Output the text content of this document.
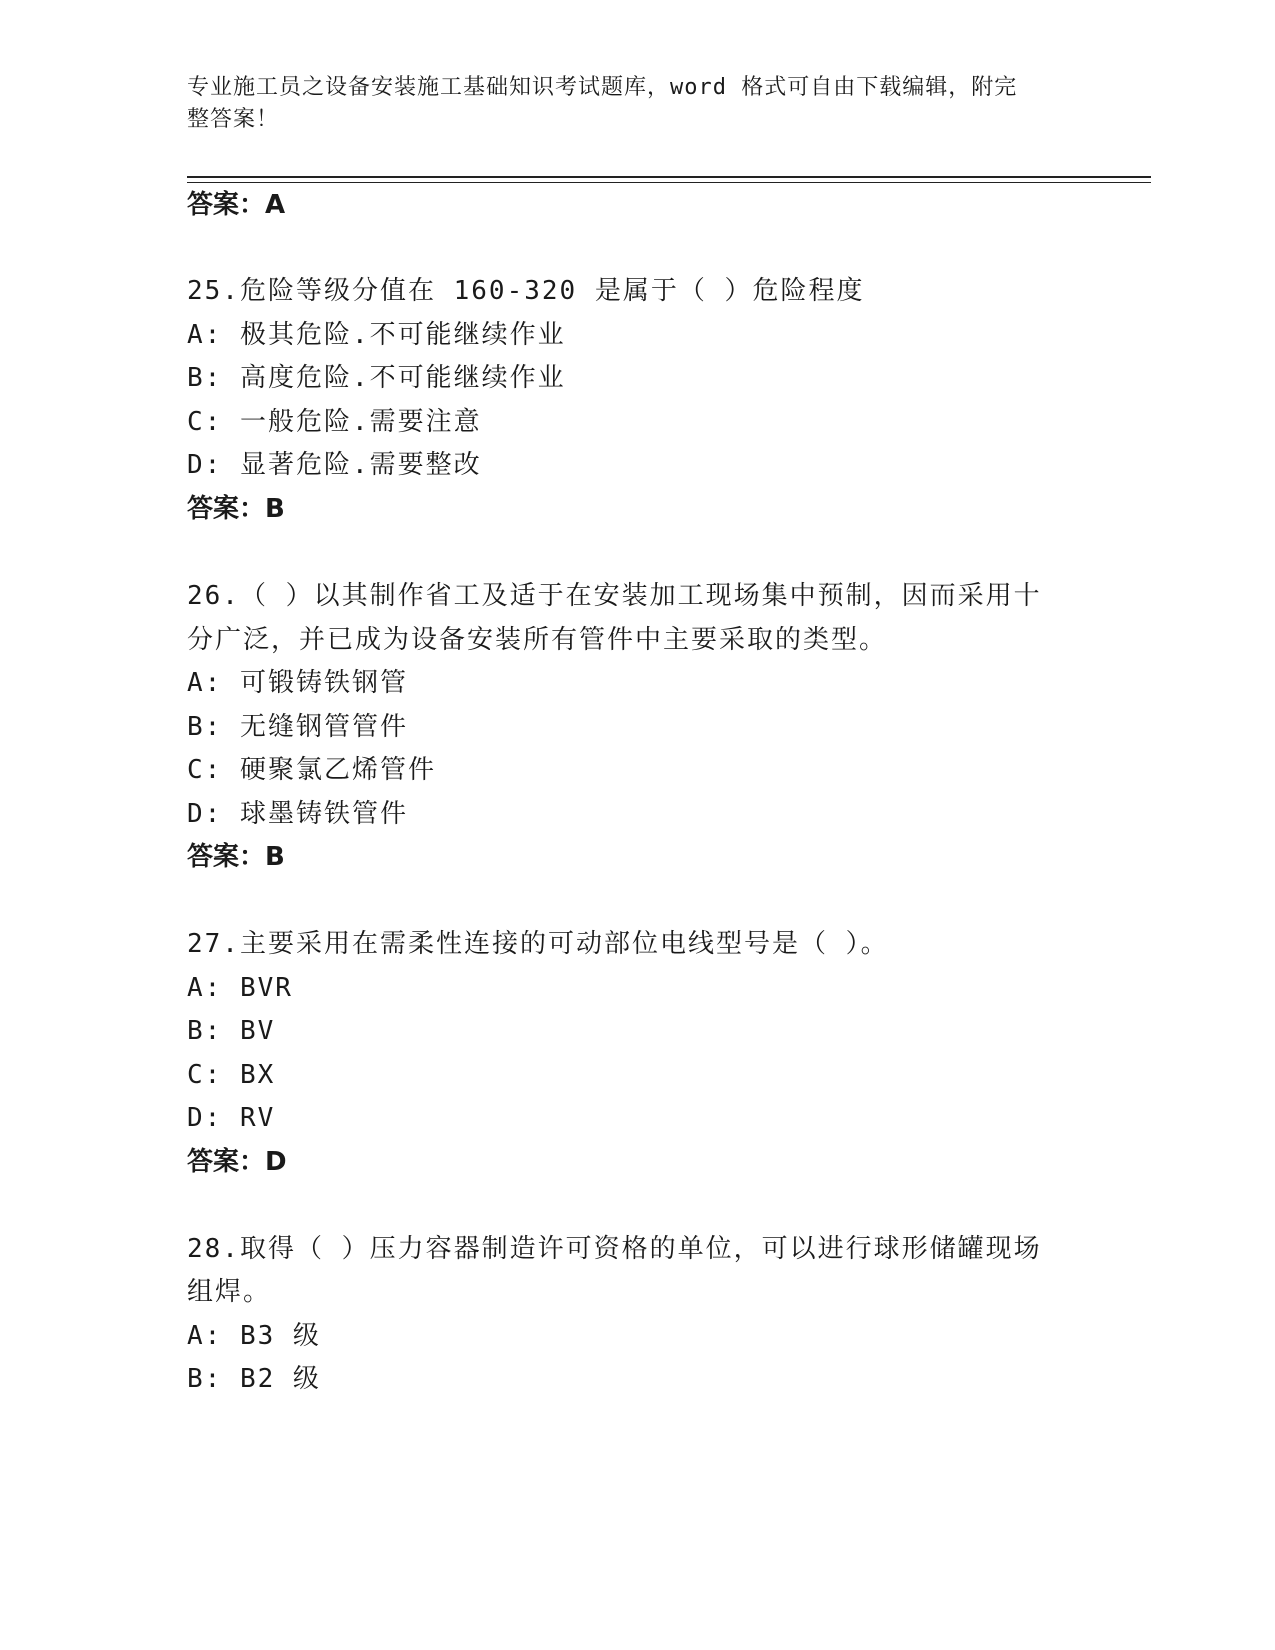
专业施工员之设备安装施工基础知识考试题库，word 格式可自由下载编辑，附完
整答案！
答案：A
25.危险等级分值在 160-320 是属于（ ）危险程度
A: 极其危险.不可能继续作业
B: 高度危险.不可能继续作业
C: 一般危险.需要注意
D: 显著危险.需要整改
答案：B
26.（ ）以其制作省工及适于在安装加工现场集中预制，因而采用十
分广泛，并已成为设备安装所有管件中主要采取的类型。
A: 可锻铸铁钢管
B: 无缝钢管管件
C: 硬聚氯乙烯管件
D: 球墨铸铁管件
答案：B
27.主要采用在需柔性连接的可动部位电线型号是（ ）。
A: BVR
B: BV
C: BX
D: RV
答案：D
28.取得（ ）压力容器制造许可资格的单位，可以进行球形储罐现场
组焊。
A: B3 级
B: B2 级
